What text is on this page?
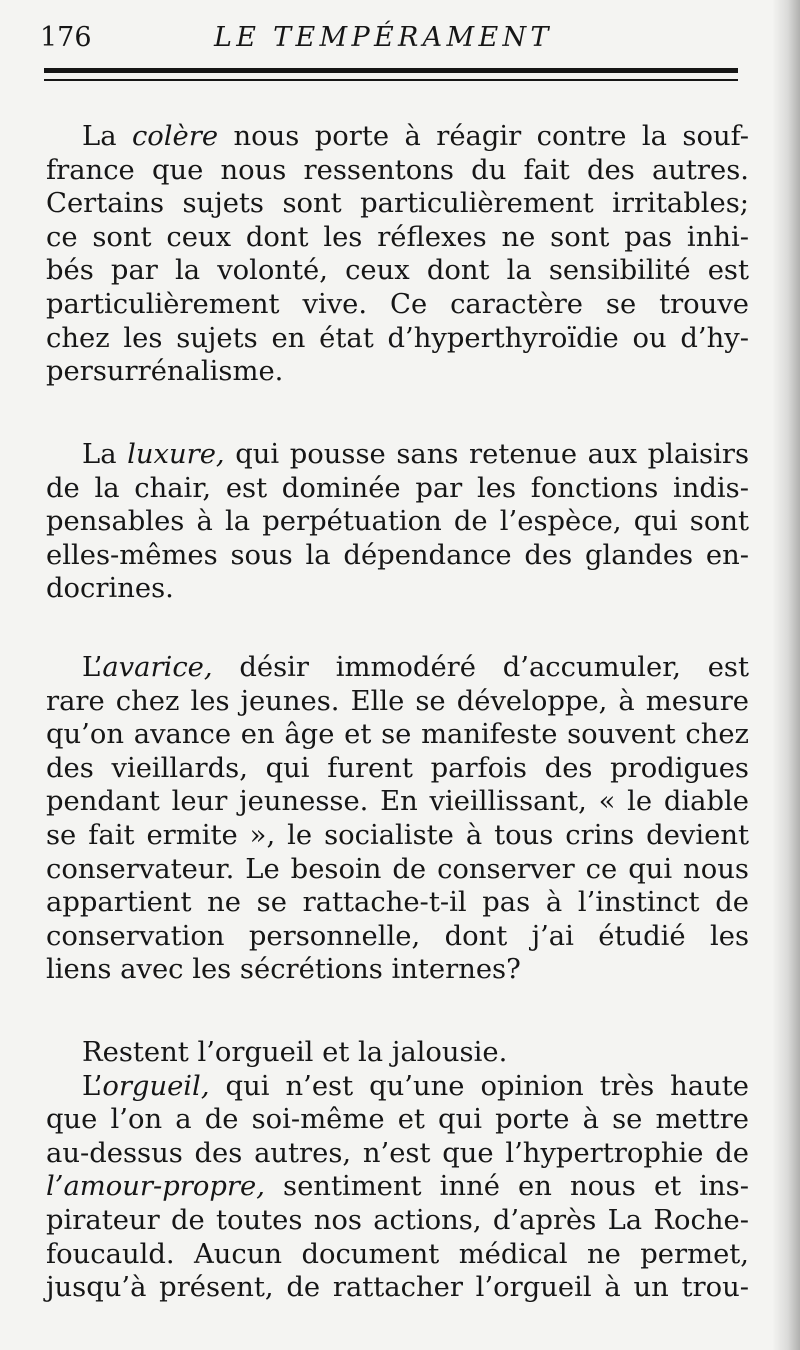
176	LE TEMPÉRAMENT
La colère nous porte à réagir contre la souf-
france que nous ressentons du fait des autres.
Certains sujets sont particulièrement irritables;
ce sont ceux dont les réflexes ne sont pas inhi-
bés par la volonté, ceux dont la sensibilité est
particulièrement vive. Ce caractère se trouve
chez les sujets en état d’hyperthyroïdie ou d’hy-
persurrénalisme.
La luxure, qui pousse sans retenue aux plaisirs
de la chair, est dominée par les fonctions indis-
pensables à la perpétuation de l’espèce, qui sont
elles-mêmes sous la dépendance des glandes en-
docrines.
L’avarice, désir immodéré d’accumuler, est
rare chez les jeunes. Elle se développe, à mesure
qu’on avance en âge et se manifeste souvent chez
des vieillards, qui furent parfois des prodigues
pendant leur jeunesse. En vieillissant, « le diable
se fait ermite », le socialiste à tous crins devient
conservateur. Le besoin de conserver ce qui nous
appartient ne se rattache-t-il pas à l’instinct de
conservation personnelle, dont j’ai étudié les
liens avec les sécrétions internes?
Restent l’orgueil et la jalousie.
L’orgueil, qui n’est qu’une opinion très haute
que l’on a de soi-même et qui porte à se mettre
au-dessus des autres, n’est que l’hypertrophie de
l’amour-propre, sentiment inné en nous et ins-
pirateur de toutes nos actions, d’après La Roche-
foucauld. Aucun document médical ne permet,
jusqu’à présent, de rattacher l’orgueil à un trou-
